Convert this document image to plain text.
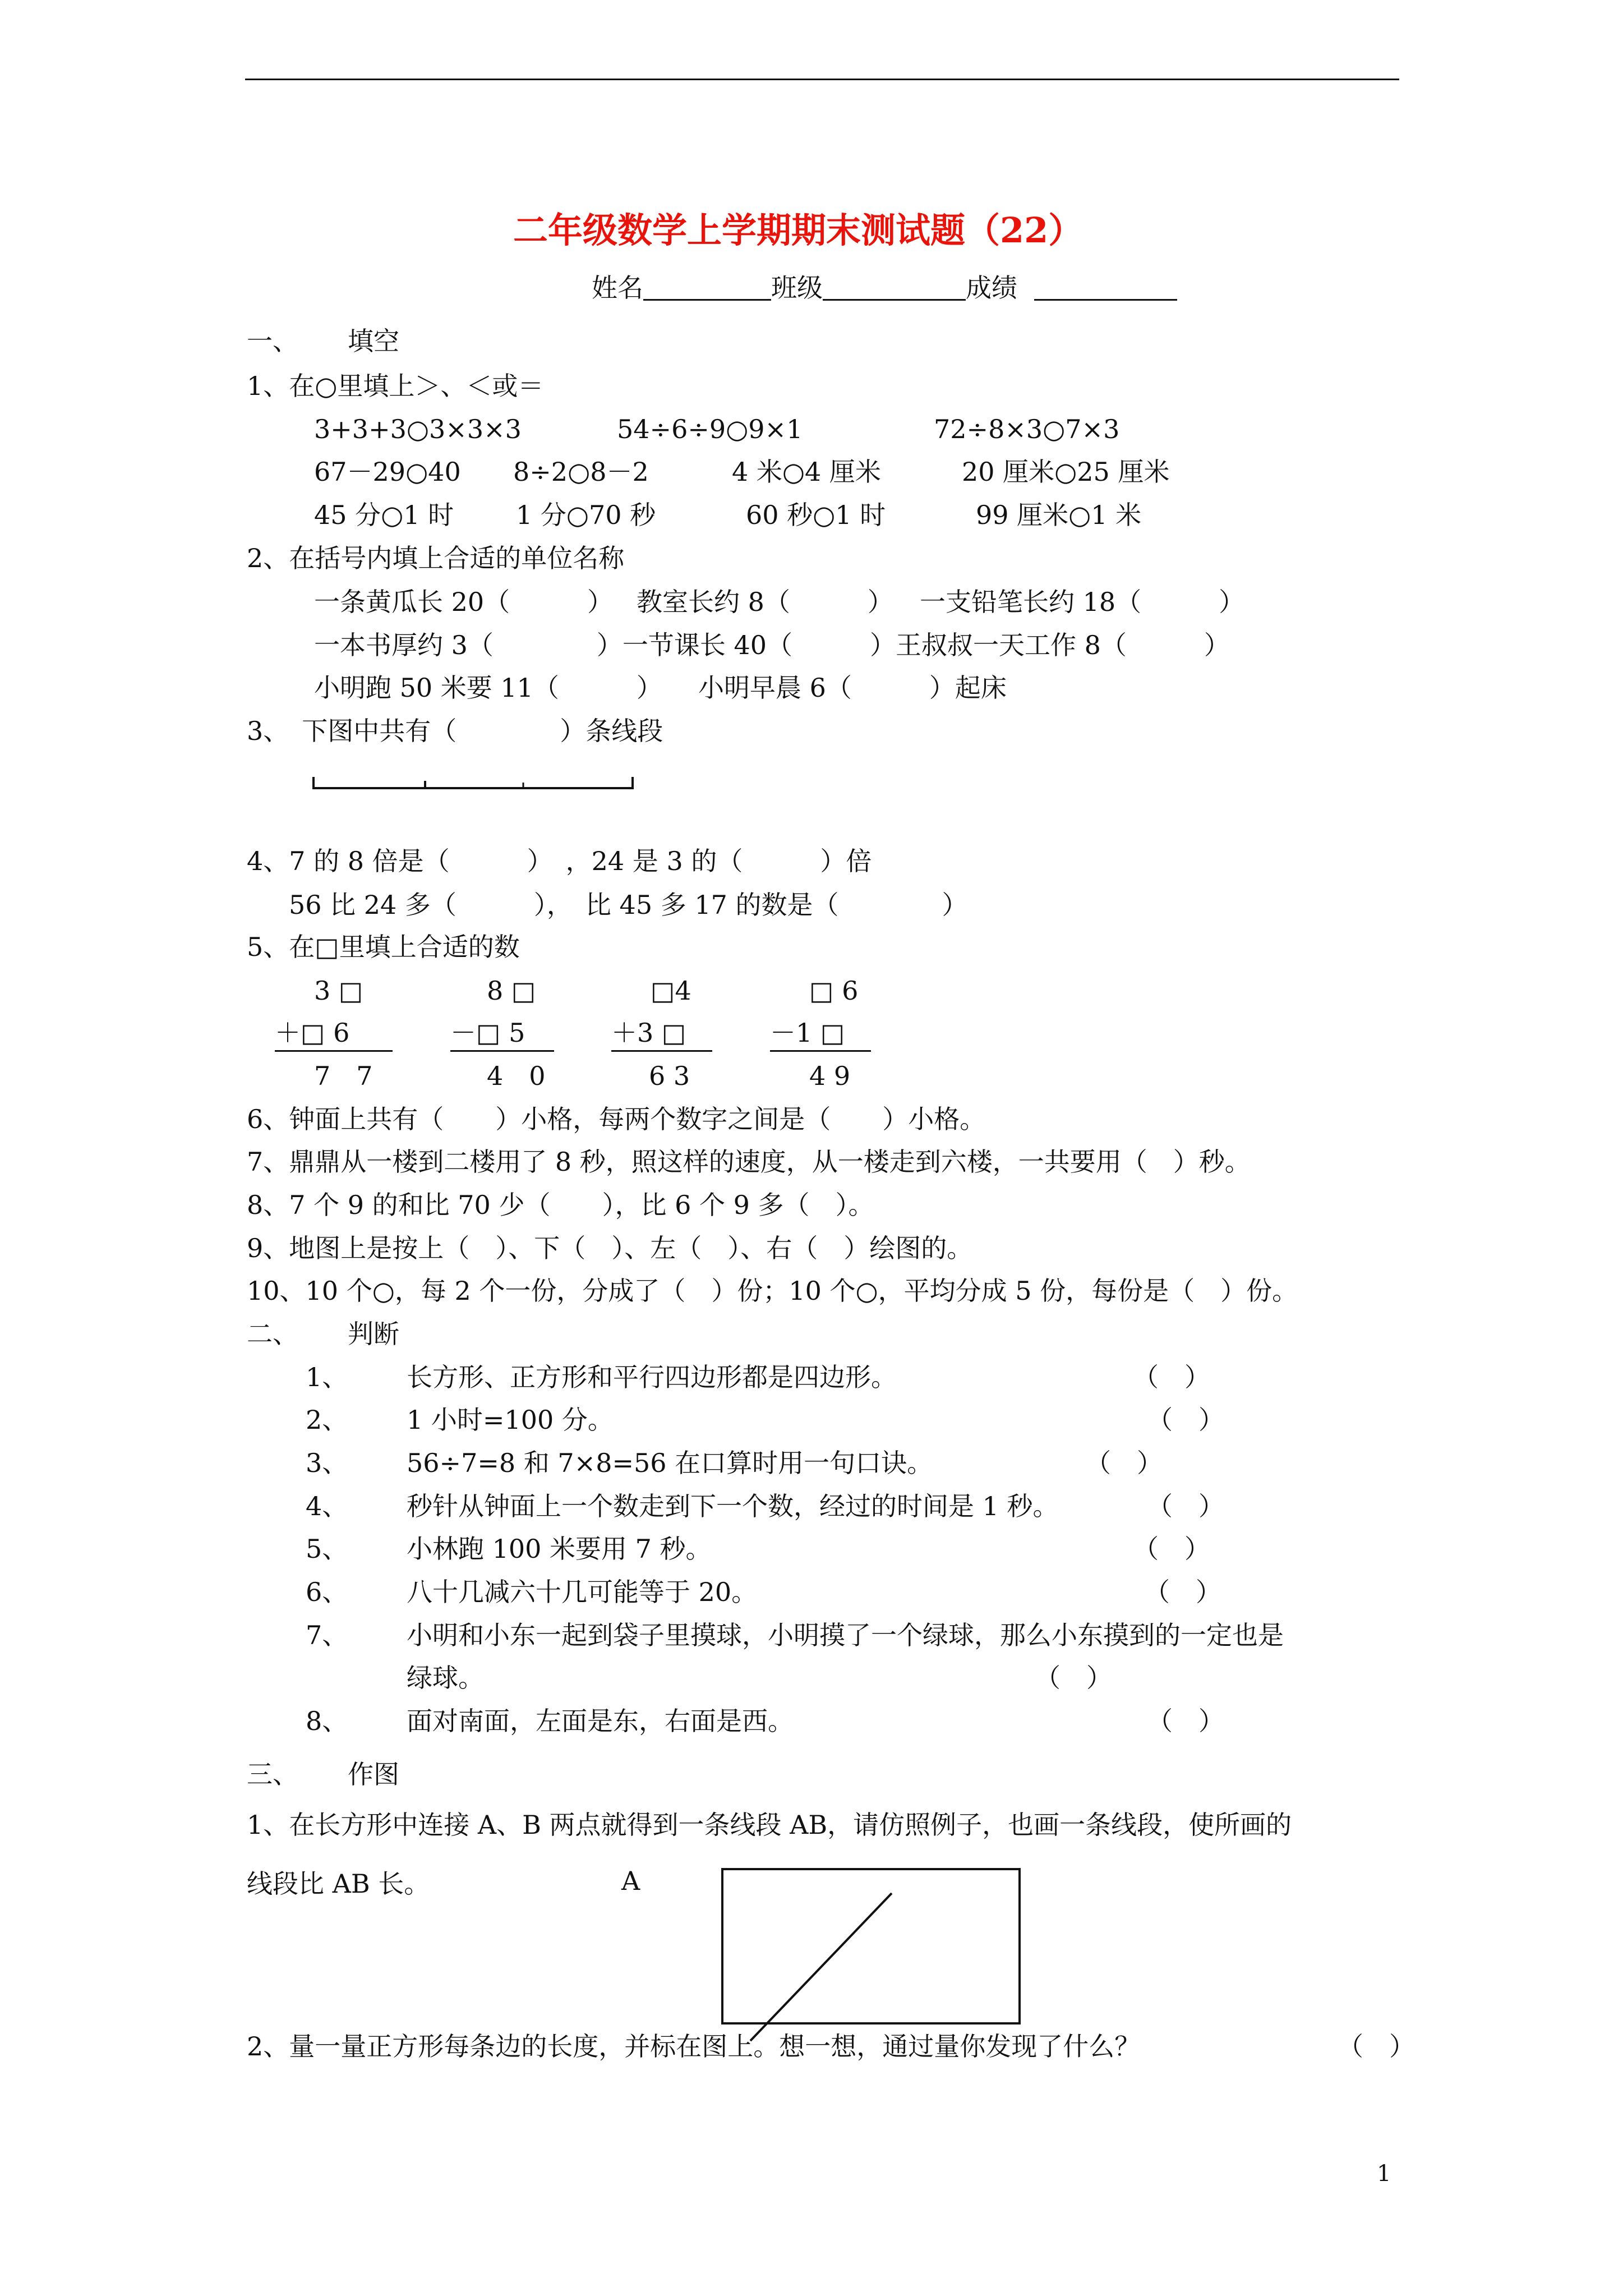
二年级数学上学期期末测试题（22）
姓名	班级	成绩
一、 填空
1、在○里填上＞、＜或＝
3+3+3○3×3×3	54÷6÷9○9×1	72÷8×3○7×3
67－29○40 8÷2○8－2	4 米○4 厘米	20 厘米○25 厘米
45 分○1 时 1 分○70 秒	60 秒○1 时	99 厘米○1 米
2、在括号内填上合适的单位名称
一条黄瓜长 20（　　　） 教室长约 8（　　　） 一支铅笔长约 18（　　　）
一本书厚约 3（　　　　）一节课长 40（　　　）王叔叔一天工作 8（　　　）
小明跑 50 米要 11（　　　） 小明早晨 6（　　　）起床
3、　下图中共有（　　　　）条线段
4、7 的 8 倍是（　　　）　，24 是 3 的（　　　）倍
56 比 24 多（　　　），　比 45 多 17 的数是（　　　　）
5、在□里填上合适的数
3 □	8 □	□4	□ 6
＋□ 6	－□ 5	＋3 □	－1 □
7　7	4　0	6 3	4 9
6、钟面上共有（　　）小格，每两个数字之间是（　　）小格。
7、鼎鼎从一楼到二楼用了 8 秒，照这样的速度，从一楼走到六楼，一共要用（　）秒。
8、7 个 9 的和比 70 少（　　），比 6 个 9 多（　）。
9、地图上是按上（　）、下（　）、左（　）、右（　）绘图的。
10、10 个○，每 2 个一份，分成了（　）份；10 个○，平均分成 5 份，每份是（　）份。
二、 判断
1、 长方形、正方形和平行四边形都是四边形。	（　）
2、 1 小时=100 分。	（　）
3、 56÷7=8 和 7×8=56 在口算时用一句口诀。	（　）
4、 秒针从钟面上一个数走到下一个数，经过的时间是 1 秒。	（　）
5、 小林跑 100 米要用 7 秒。	（　）
6、 八十几减六十几可能等于 20。	（　）
7、 小明和小东一起到袋子里摸球，小明摸了一个绿球，那么小东摸到的一定也是
绿球。	（　）
8、 面对南面，左面是东，右面是西。	（　）
三、 作图
1、在长方形中连接 A、B 两点就得到一条线段 AB，请仿照例子，也画一条线段，使所画的
线段比 AB 长。	A
2、量一量正方形每条边的长度，并标在图上。想一想，通过量你发现了什么？	（　）
1
